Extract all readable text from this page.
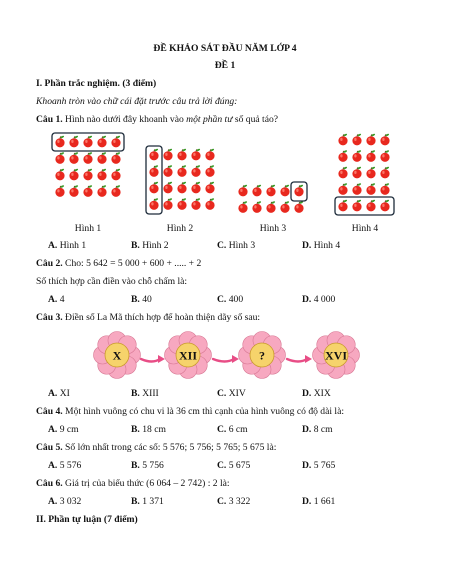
ĐỀ KHẢO SÁT ĐẦU NĂM LỚP 4
ĐỀ 1
I. Phần trắc nghiệm. (3 điểm)
Khoanh tròn vào chữ cái đặt trước câu trả lời đúng:
Câu 1. Hình nào dưới đây khoanh vào một phần tư số quả táo?
Hình 1	Hình 2	Hình 3	Hình 4
A. Hình 1	B. Hình 2	C. Hình 3	D. Hình 4
Câu 2. Cho: 5 642 = 5 000 + 600 + ..... + 2
Số thích hợp cần điền vào chỗ chấm là:
A. 4	B. 40	C. 400	D. 4 000
Câu 3. Điền số La Mã thích hợp để hoàn thiện dãy số sau:
X	XII	?	XVI
A. XI	B. XIII	C. XIV	D. XIX
Câu 4. Một hình vuông có chu vi là 36 cm thì cạnh của hình vuông có độ dài là:
A. 9 cm	B. 18 cm	C. 6 cm	D. 8 cm
Câu 5. Số lớn nhất trong các số: 5 576; 5 756; 5 765; 5 675 là:
A. 5 576	B. 5 756	C. 5 675	D. 5 765
Câu 6. Giá trị của biểu thức (6 064 – 2 742) : 2 là:
A. 3 032	B. 1 371	C. 3 322	D. 1 661
II. Phần tự luận (7 điểm)
